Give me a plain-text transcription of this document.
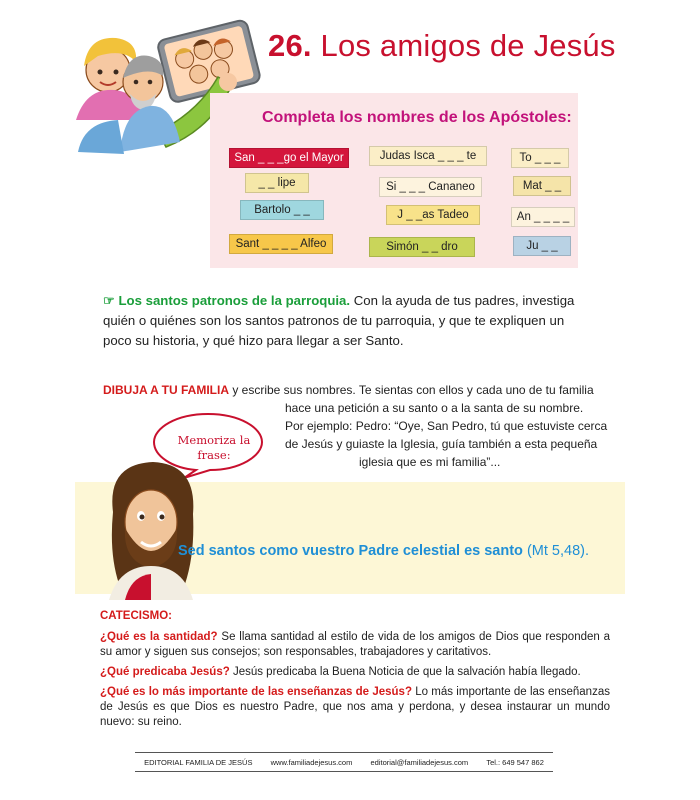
26. Los amigos de Jesús
Completa los nombres de los Apóstoles:
San _ _ _go el Mayor	Judas Isca _ _ _ te	To _ _ _
_ _ lipe	Si _ _ _ Cananeo	Mat _ _
Bartolo _ _	J _ _as Tadeo	An _ _ _ _
Sant _ _ _ _ Alfeo	Simón _ _ dro	Ju _ _
☞ Los santos patronos de la parroquia. Con la ayuda de tus padres, investiga
quién o quiénes son los santos patronos de tu parroquia, y que te expliquen un
poco su historia, y qué hizo para llegar a ser Santo.
DIBUJA A TU FAMILIA y escribe sus nombres. Te sientas con ellos y cada uno de tu familia
hace una petición a su santo o a la santa de su nombre.
Por ejemplo: Pedro: “Oye, San Pedro, tú que estuviste cerca
de Jesús y guiaste la Iglesia, guía también a esta pequeña
iglesia que es mi familia”...
Memoriza la
frase:
Sed santos como vuestro Padre celestial es santo (Mt 5,48).
CATECISMO:
¿Qué es la santidad? Se llama santidad al estilo de vida de los amigos de Dios que responden a su amor y siguen sus consejos; son responsables, trabajadores y caritativos.
¿Qué predicaba Jesús? Jesús predicaba la Buena Noticia de que la salvación había llegado.
¿Qué es lo más importante de las enseñanzas de Jesús? Lo más importante de las enseñanzas de Jesús es que Dios es nuestro Padre, que nos ama y perdona, y desea instaurar un mundo nuevo: su reino.
EDITORIAL FAMILIA DE JESÚS	www.familiadejesus.com	editorial@familiadejesus.com	Tel.: 649 547 862
